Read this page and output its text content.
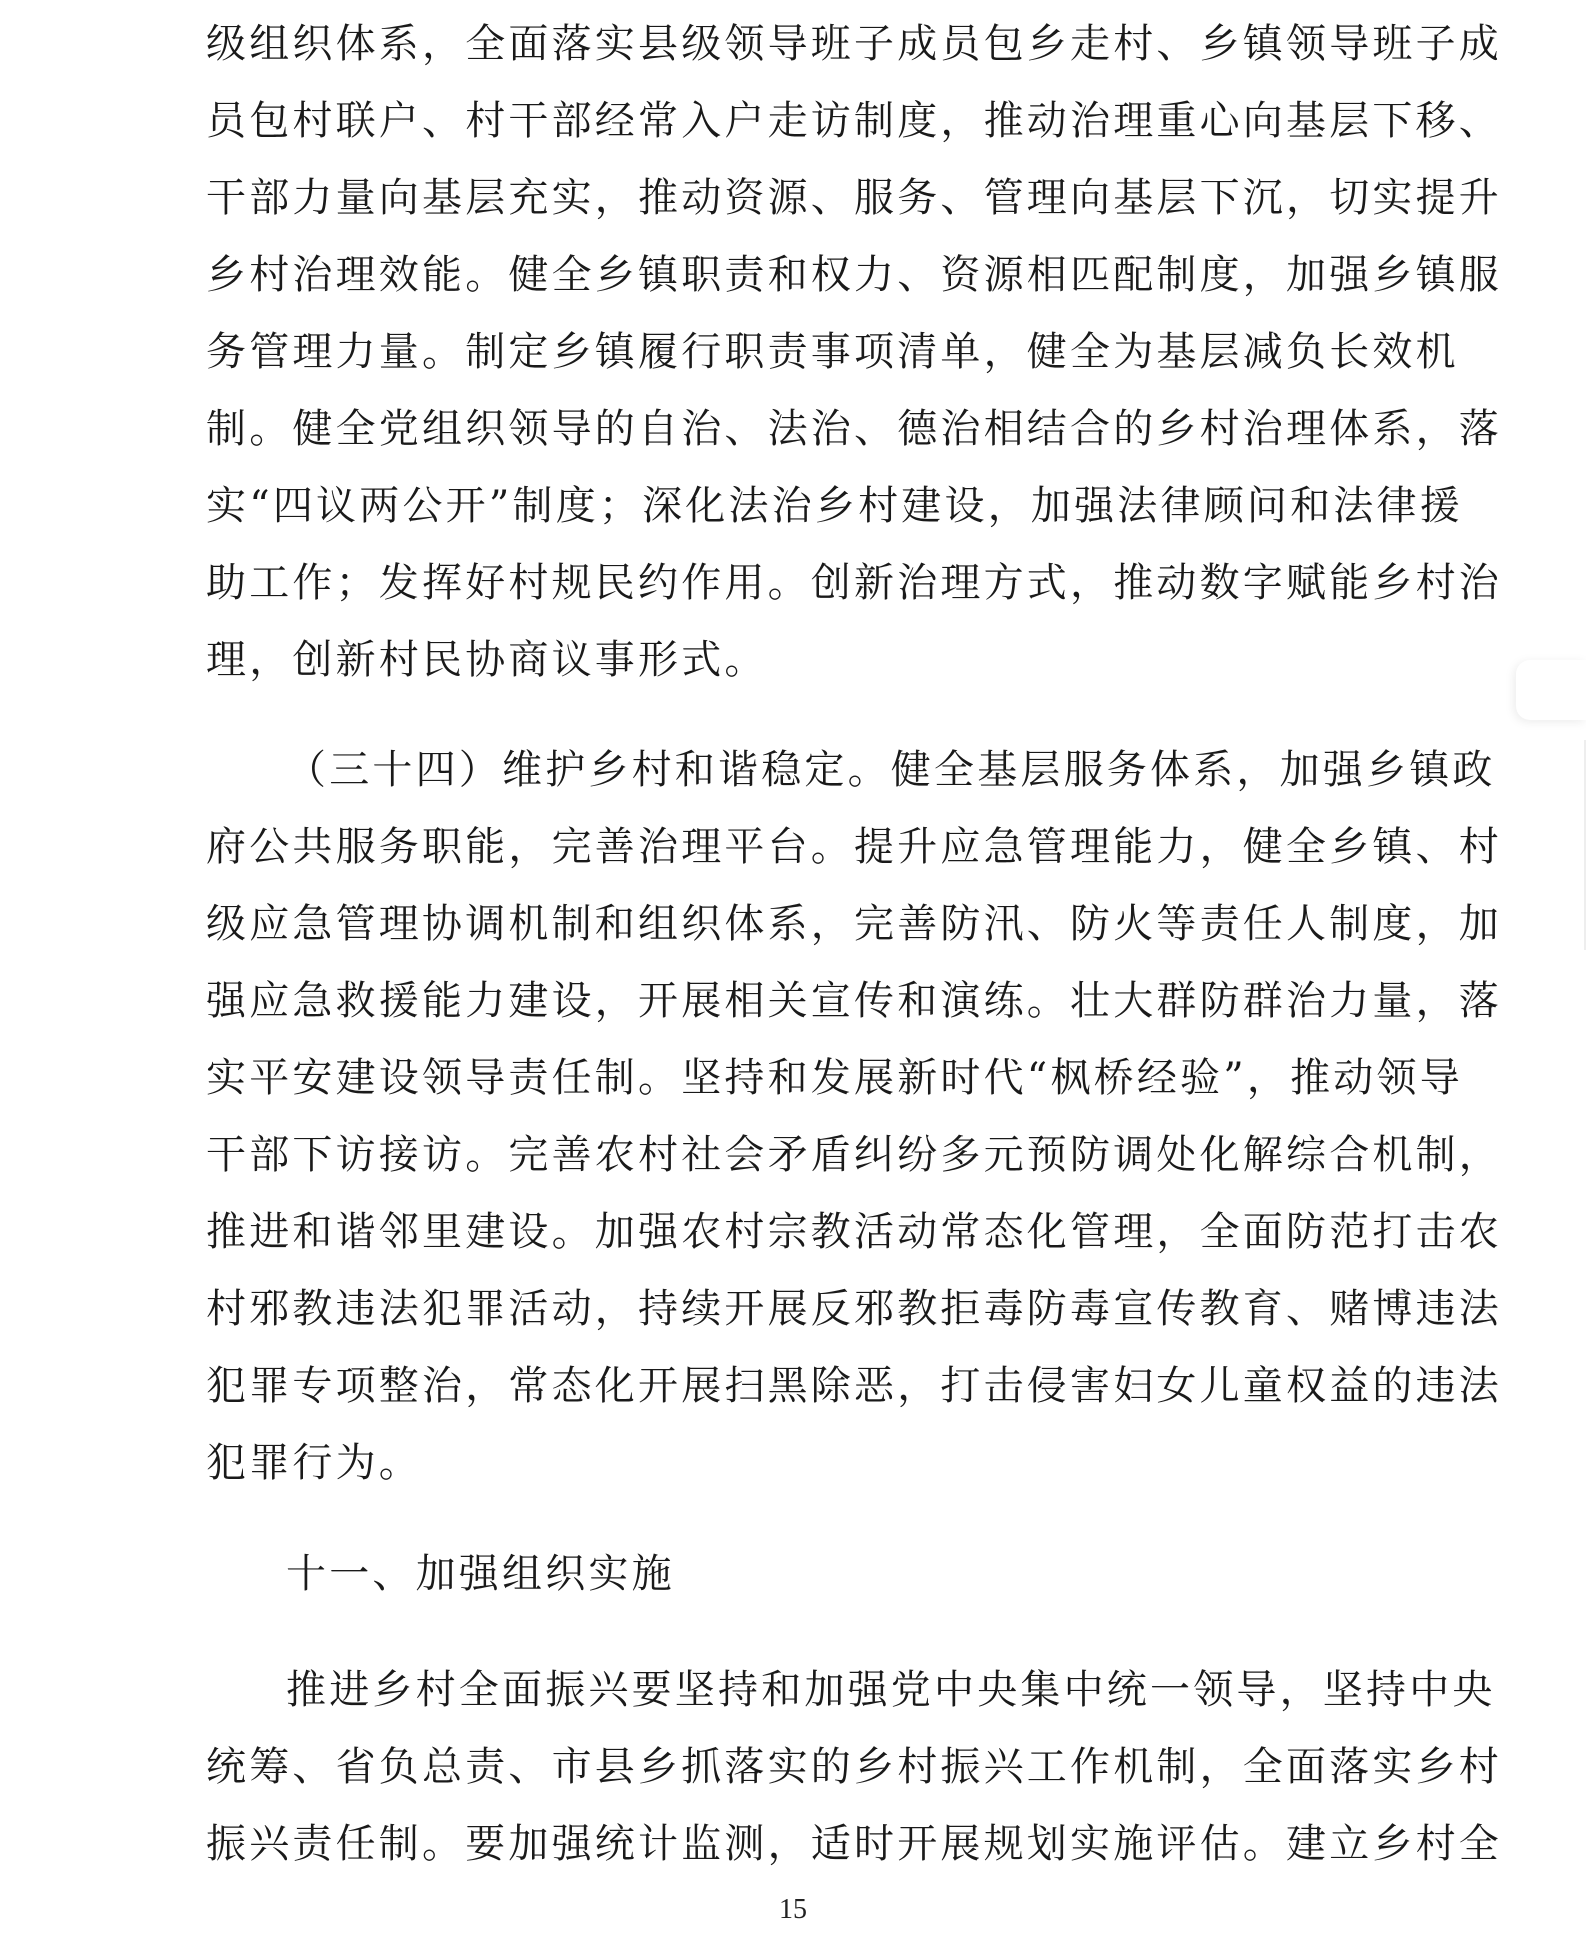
级组织体系，全面落实县级领导班子成员包乡走村、乡镇领导班子成
员包村联户、村干部经常入户走访制度，推动治理重心向基层下移、
干部力量向基层充实，推动资源、服务、管理向基层下沉，切实提升
乡村治理效能。健全乡镇职责和权力、资源相匹配制度，加强乡镇服
务管理力量。制定乡镇履行职责事项清单，健全为基层减负长效机
制。健全党组织领导的自治、法治、德治相结合的乡村治理体系，落
实“四议两公开”制度；深化法治乡村建设，加强法律顾问和法律援
助工作；发挥好村规民约作用。创新治理方式，推动数字赋能乡村治
理，创新村民协商议事形式。
（三十四）维护乡村和谐稳定。健全基层服务体系，加强乡镇政
府公共服务职能，完善治理平台。提升应急管理能力，健全乡镇、村
级应急管理协调机制和组织体系，完善防汛、防火等责任人制度，加
强应急救援能力建设，开展相关宣传和演练。壮大群防群治力量，落
实平安建设领导责任制。坚持和发展新时代“枫桥经验”，推动领导
干部下访接访。完善农村社会矛盾纠纷多元预防调处化解综合机制，
推进和谐邻里建设。加强农村宗教活动常态化管理，全面防范打击农
村邪教违法犯罪活动，持续开展反邪教拒毒防毒宣传教育、赌博违法
犯罪专项整治，常态化开展扫黑除恶，打击侵害妇女儿童权益的违法
犯罪行为。
十一、加强组织实施
推进乡村全面振兴要坚持和加强党中央集中统一领导，坚持中央
统筹、省负总责、市县乡抓落实的乡村振兴工作机制，全面落实乡村
振兴责任制。要加强统计监测，适时开展规划实施评估。建立乡村全
15
